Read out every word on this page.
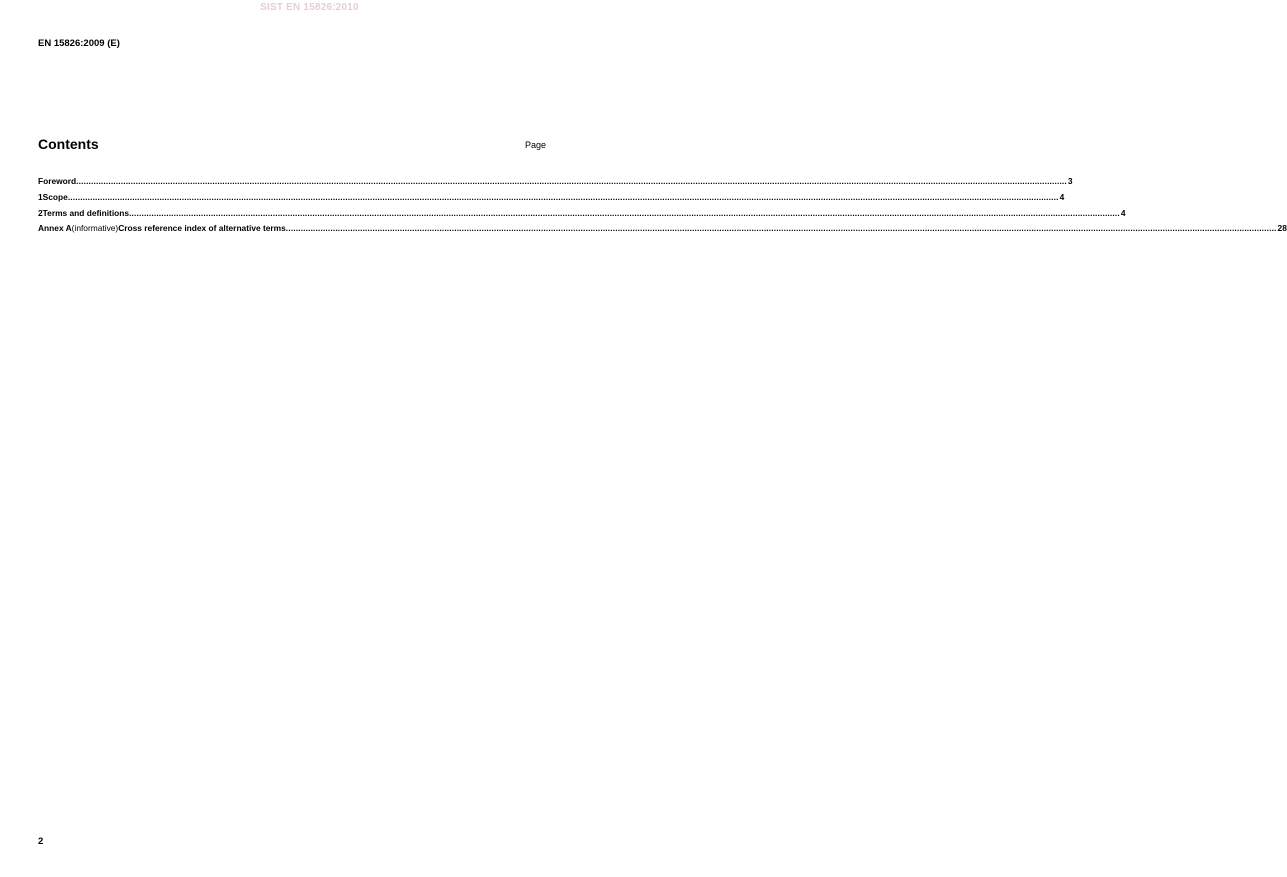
SIST EN 15826:2010
EN 15826:2009 (E)
Contents	Page
Foreword ................................................................................................................................................................................................................................................................................................................................................................................................................ 3
1 Scope ................................................................................................................................................................................................................................................................................................................................................................................................................ 4
2 Terms and definitions ................................................................................................................................................................................................................................................................................................................................................................................................................ 4
Annex A (informative) Cross reference index of alternative terms ................................................................................................................................................................................................................................................................................................................................................................................................................ 28
2
